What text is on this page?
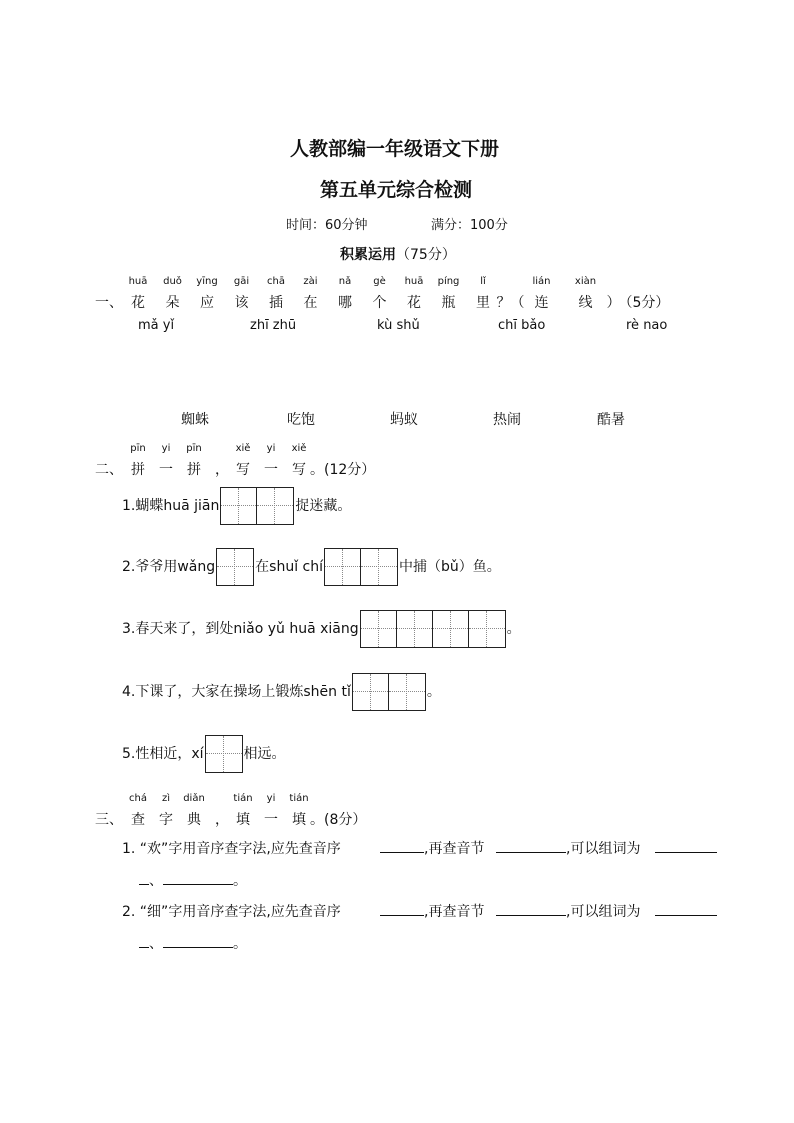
人教部编一年级语文下册
第五单元综合检测
时间：60分钟	满分：100分
积累运用（75分）
一、
huā
花
duǒ
朵
yīng
应
gāi
该
chā
插
zài
在
nǎ
哪
gè
个
huā
花
píng
瓶
lǐ
里 ？ （
lián
连
xiàn
线 ）
（5分）
mǎ yǐ	zhī zhū	kù shǔ	chī bǎo	rè nao
蜘蛛	吃饱	蚂蚁	热闹	酷暑
二、
pīn
拼
yi
一
pīn
拼 ，
xiě
写
yi
一
xiě
写 。(12分）
1.蝴蝶huā jiān	捉迷藏。
2.爷爷用wǎng	在shuǐ chí	中捕（bǔ）鱼。
3.春天来了，到处niǎo yǔ huā xiāng	。
4.下课了，大家在操场上锻炼shēn tǐ	。
5.性相近，xí	相远。
三、
chá
查
zì
字
diǎn
典 ，
tián
填
yi
一
tián
填 。(8分）
1. “欢”字用音序查字法,应先查音序	,再查音节	,可以组词为
、	。
2. “细”字用音序查字法,应先查音序	,再查音节	,可以组词为
、	。
